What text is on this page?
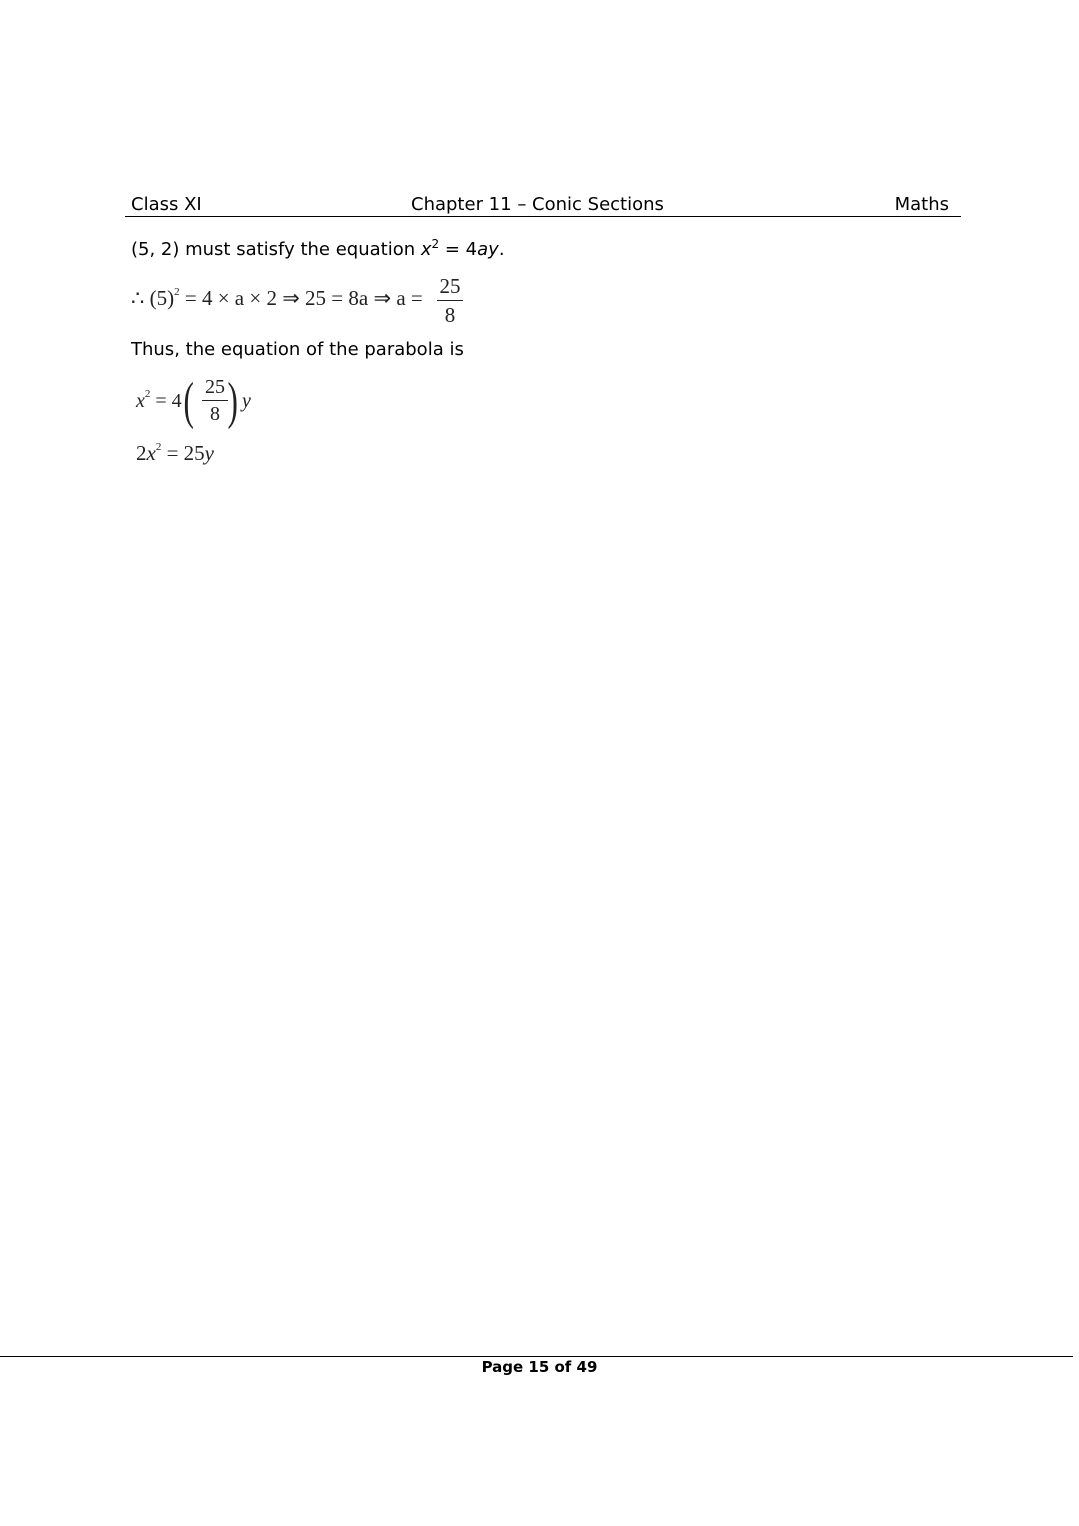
Class XI	Chapter 11 – Conic Sections	Maths
(5, 2) must satisfy the equation $x^2 = 4ay$.
∴ $(5)^2 = 4 \times a \times 2$ ⇒ 25 = 8a ⇒ a = 25
8
Thus, the equation of the parabola is
$x^2 = 4$ ( 25
8 ) y
$2x^2 = 25y$
Page 15 of 49
